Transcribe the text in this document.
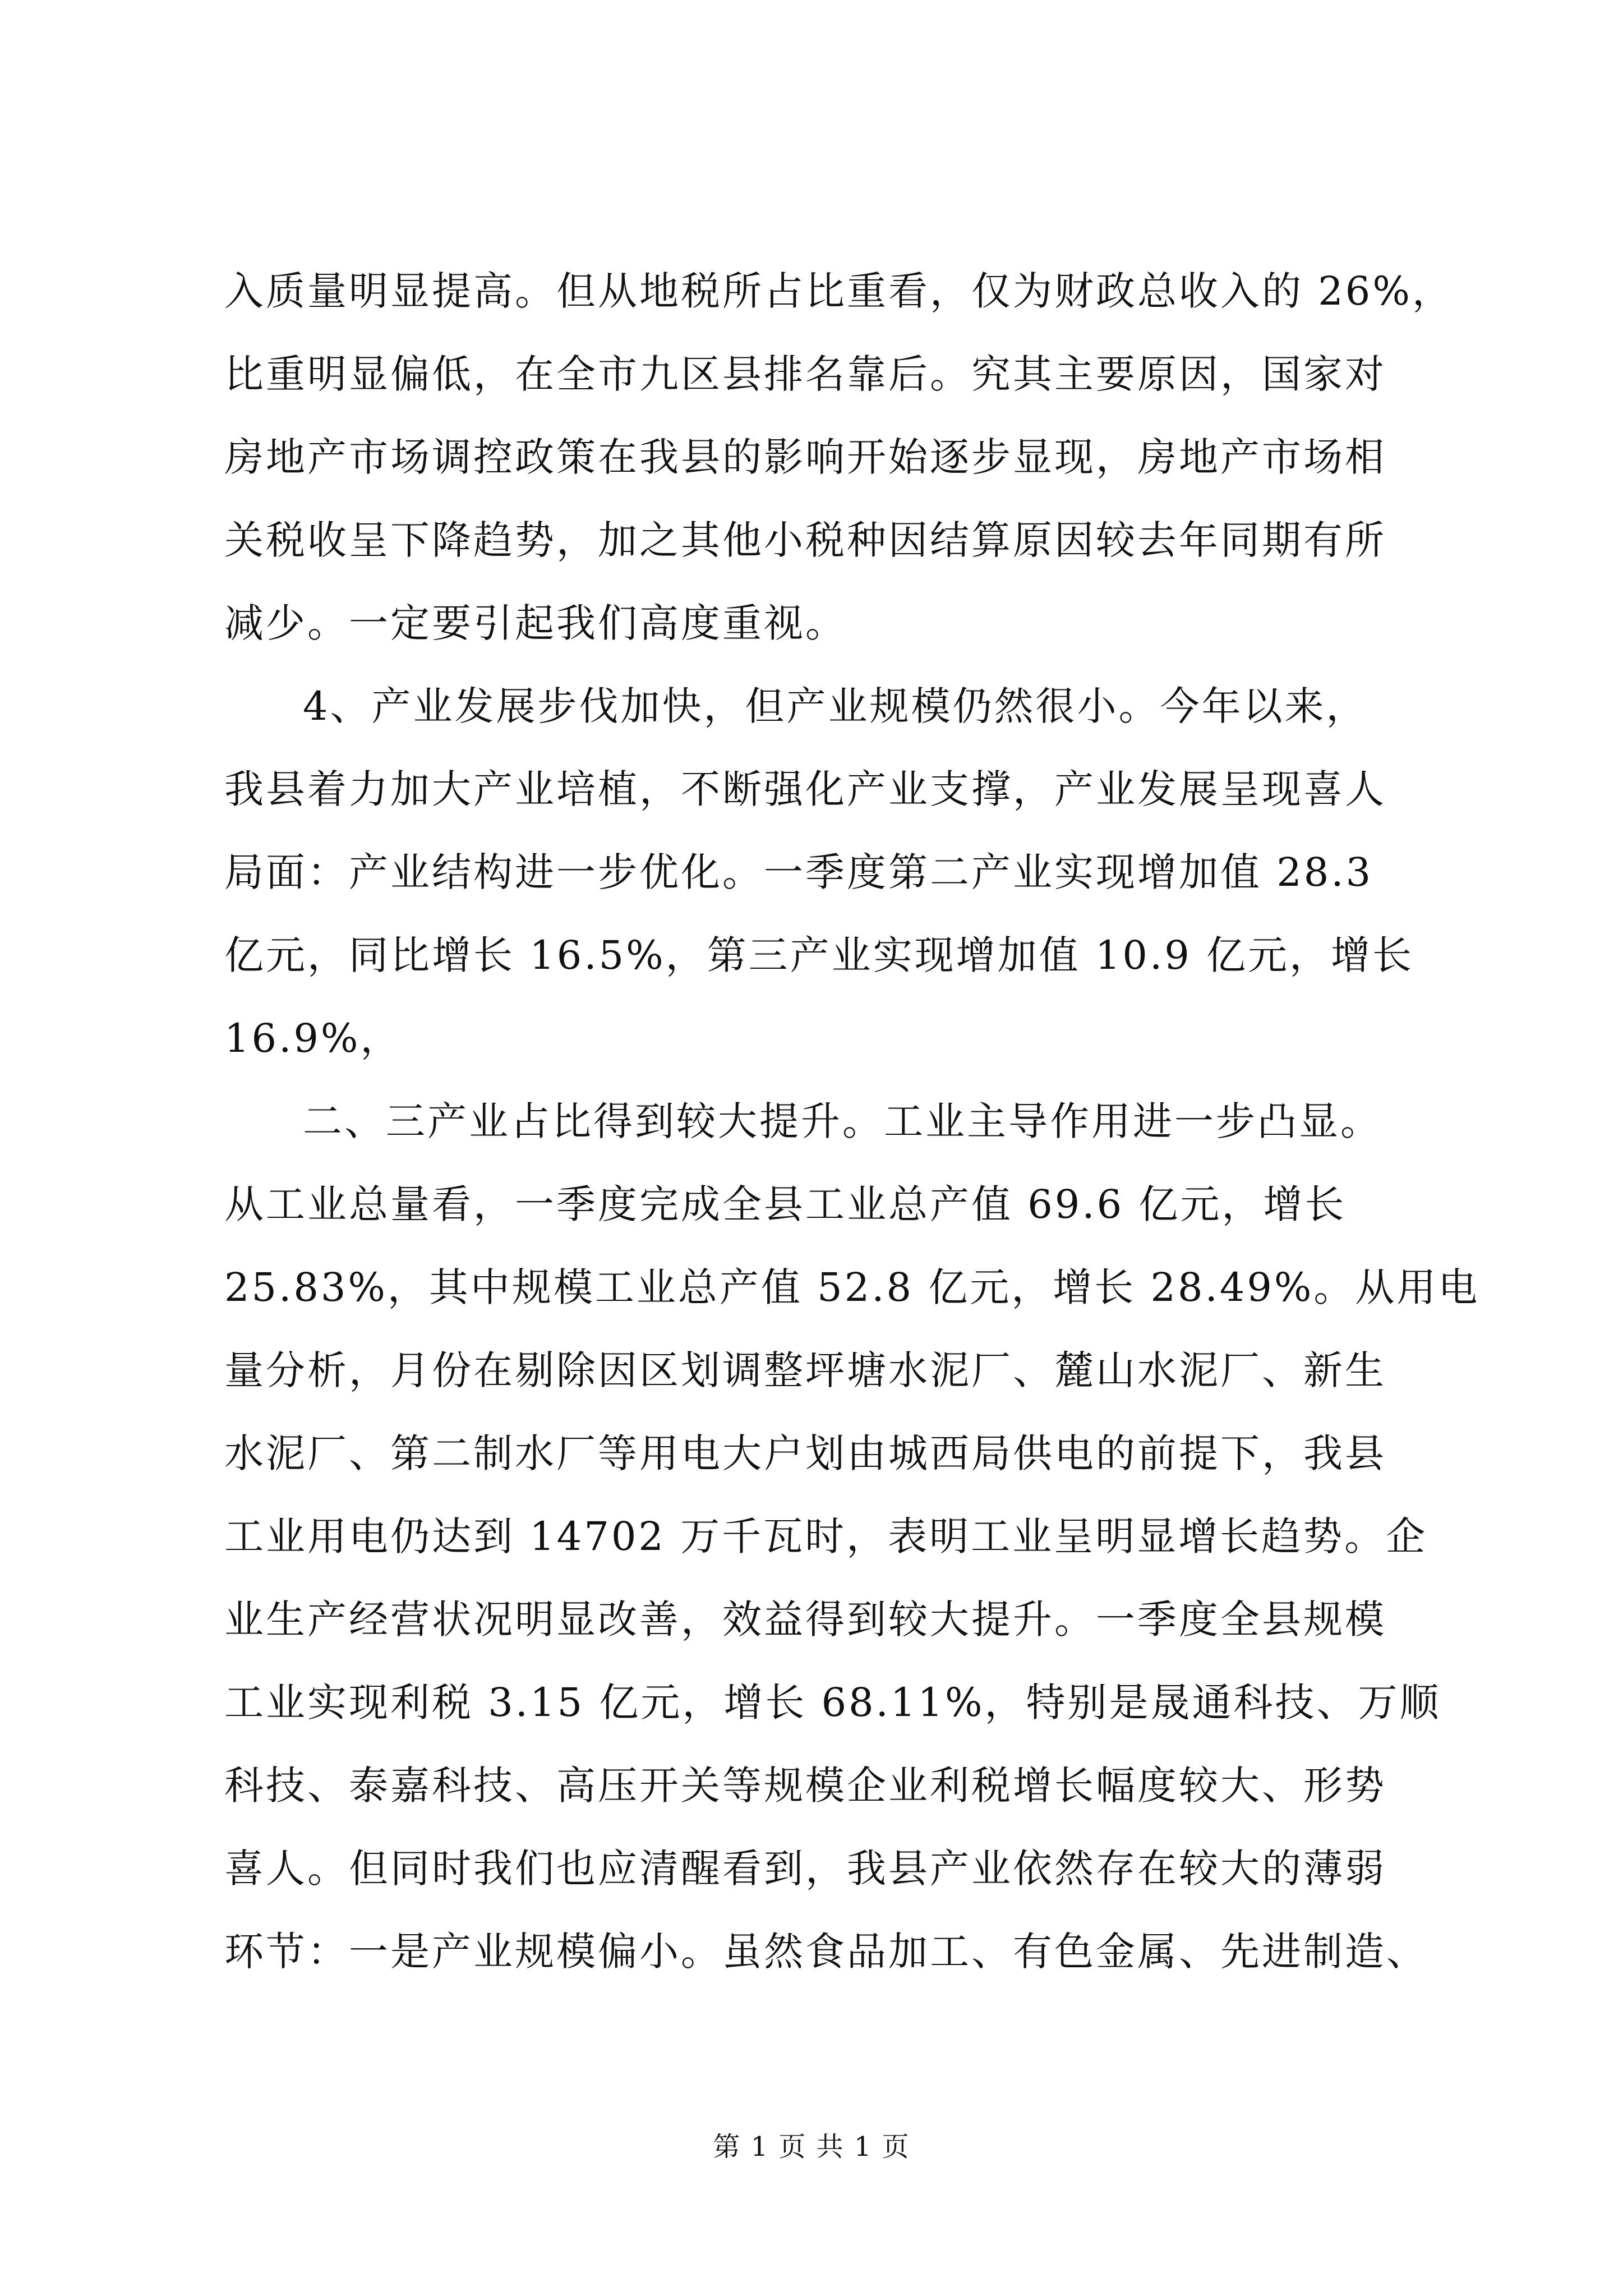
入质量明显提高。但从地税所占比重看，仅为财政总收入的 26%，
比重明显偏低，在全市九区县排名靠后。究其主要原因，国家对
房地产市场调控政策在我县的影响开始逐步显现，房地产市场相
关税收呈下降趋势，加之其他小税种因结算原因较去年同期有所
减少。一定要引起我们高度重视。
4、产业发展步伐加快，但产业规模仍然很小。今年以来，
我县着力加大产业培植，不断强化产业支撑，产业发展呈现喜人
局面：产业结构进一步优化。一季度第二产业实现增加值 28.3
亿元，同比增长 16.5%，第三产业实现增加值 10.9 亿元，增长
16.9%，
二、三产业占比得到较大提升。工业主导作用进一步凸显。
从工业总量看，一季度完成全县工业总产值 69.6 亿元，增长
25.83%，其中规模工业总产值 52.8 亿元，增长 28.49%。从用电
量分析，月份在剔除因区划调整坪塘水泥厂、麓山水泥厂、新生
水泥厂、第二制水厂等用电大户划由城西局供电的前提下，我县
工业用电仍达到 14702 万千瓦时，表明工业呈明显增长趋势。企
业生产经营状况明显改善，效益得到较大提升。一季度全县规模
工业实现利税 3.15 亿元，增长 68.11%，特别是晟通科技、万顺
科技、泰嘉科技、高压开关等规模企业利税增长幅度较大、形势
喜人。但同时我们也应清醒看到，我县产业依然存在较大的薄弱
环节：一是产业规模偏小。虽然食品加工、有色金属、先进制造、
第 1 页 共 1 页
